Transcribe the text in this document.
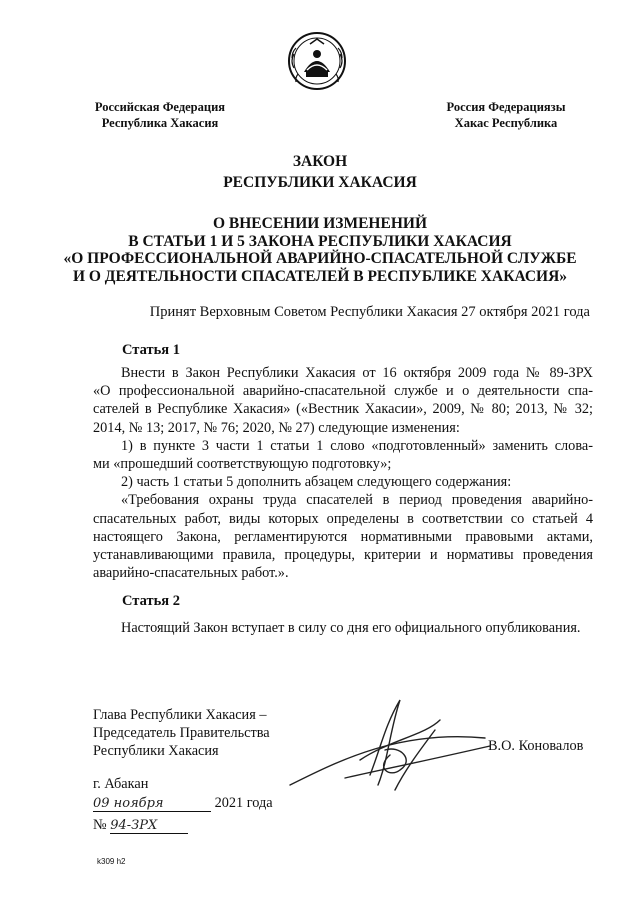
Российская Федерация
Республика Хакасия
Россия Федерациязы
Хакас Республика
ЗАКОН
РЕСПУБЛИКИ ХАКАСИЯ
О ВНЕСЕНИИ ИЗМЕНЕНИЙ
В СТАТЬИ 1 И 5 ЗАКОНА РЕСПУБЛИКИ ХАКАСИЯ
«О ПРОФЕССИОНАЛЬНОЙ АВАРИЙНО-СПАСАТЕЛЬНОЙ СЛУЖБЕ
И О ДЕЯТЕЛЬНОСТИ СПАСАТЕЛЕЙ В РЕСПУБЛИКЕ ХАКАСИЯ»
Принят Верховным Советом Республики Хакасия 27 октября 2021 года
Статья 1
Внести в Закон Республики Хакасия от 16 октября 2009 года № 89-ЗРХ
«О профессиональной аварийно-спасательной службе и о деятельности спа-
сателей в Республике Хакасия» («Вестник Хакасии», 2009, № 80; 2013, № 32;
2014, № 13; 2017, № 76; 2020, № 27) следующие изменения:
1) в пункте 3 части 1 статьи 1 слово «подготовленный» заменить слова-
ми «прошедший соответствующую подготовку»;
2) часть 1 статьи 5 дополнить абзацем следующего содержания:
«Требования охраны труда спасателей в период проведения аварийно-
спасательных работ, виды которых определены в соответствии со статьей 4
настоящего Закона, регламентируются нормативными правовыми актами,
устанавливающими правила, процедуры, критерии и нормативы проведения
аварийно-спасательных работ.».
Статья 2
Настоящий Закон вступает в силу со дня его официального опубликования.
Глава Республики Хакасия –
Председатель Правительства
Республики Хакасия	В.О. Коновалов
г. Абакан
09 ноября	2021 года
№ 94-ЗРХ
k309 h2
